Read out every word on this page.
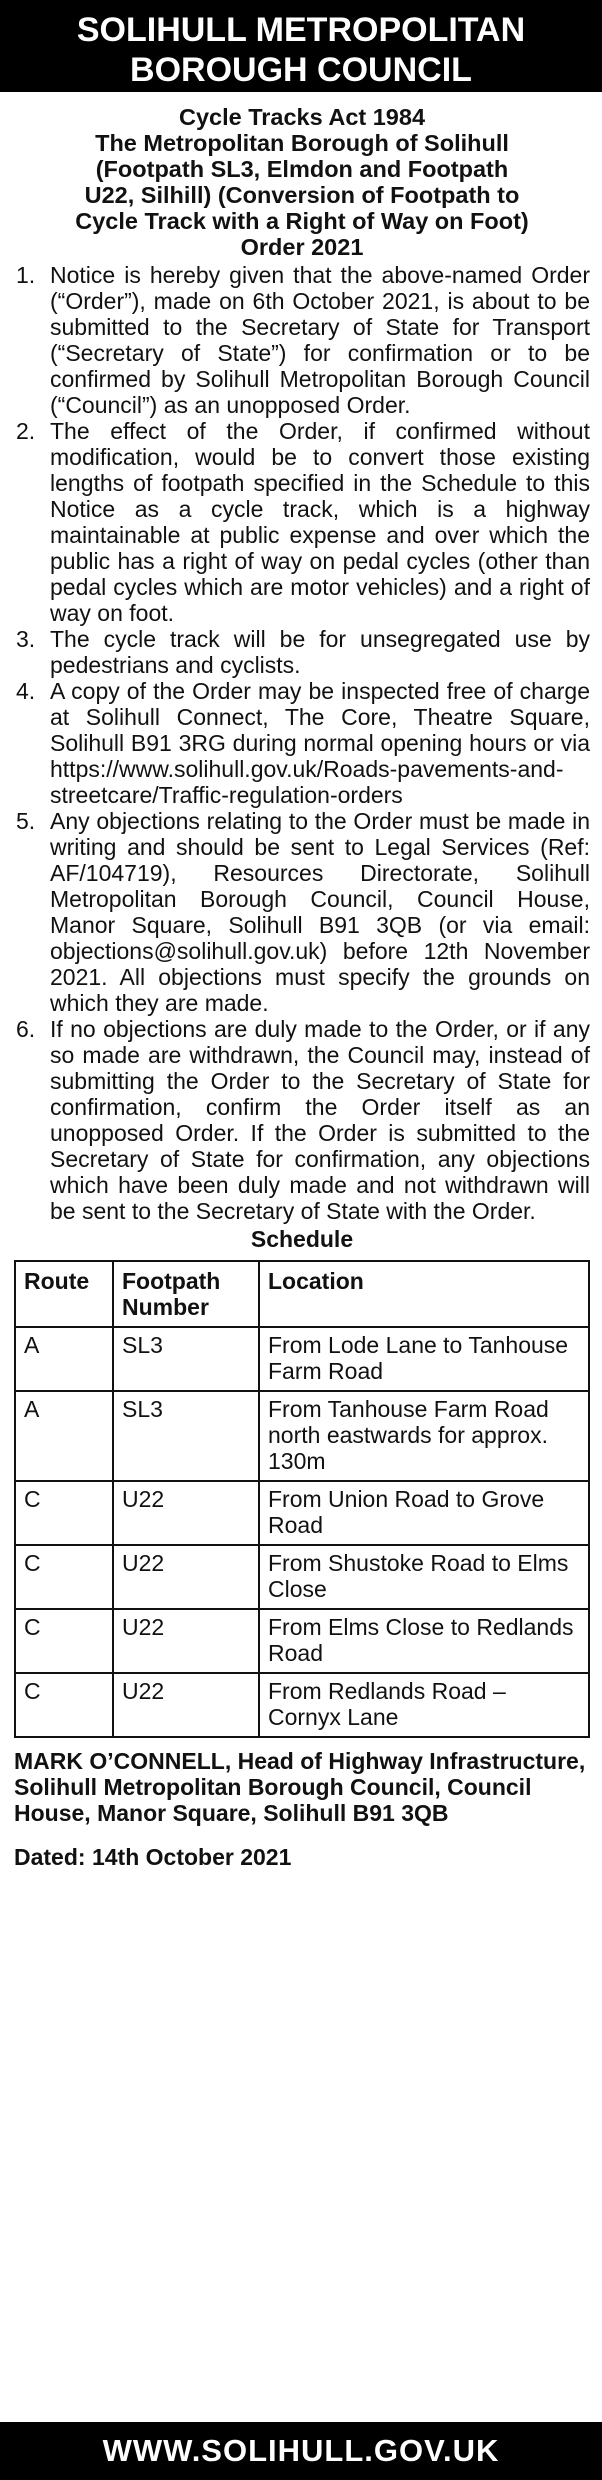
SOLIHULL METROPOLITAN
BOROUGH COUNCIL
Cycle Tracks Act 1984
The Metropolitan Borough of Solihull
(Footpath SL3, Elmdon and Footpath
U22, Silhill) (Conversion of Footpath to
Cycle Track with a Right of Way on Foot)
Order 2021
1. Notice is hereby given that the above-named Order (“Order”), made on 6th October 2021, is about to be submitted to the Secretary of State for Transport (“Secretary of State”) for confirmation or to be confirmed by Solihull Metropolitan Borough Council (“Council”) as an unopposed Order.
2. The effect of the Order, if confirmed without modification, would be to convert those existing lengths of footpath specified in the Schedule to this Notice as a cycle track, which is a highway maintainable at public expense and over which the public has a right of way on pedal cycles (other than pedal cycles which are motor vehicles) and a right of way on foot.
3. The cycle track will be for unsegregated use by pedestrians and cyclists.
4. A copy of the Order may be inspected free of charge at Solihull Connect, The Core, Theatre Square, Solihull B91 3RG during normal opening hours or via https://www.solihull.gov.uk/Roads-pavements-and-streetcare/Traffic-regulation-orders
5. Any objections relating to the Order must be made in writing and should be sent to Legal Services (Ref: AF/104719), Resources Directorate, Solihull Metropolitan Borough Council, Council House, Manor Square, Solihull B91 3QB (or via email: objections@solihull.gov.uk) before 12th November 2021. All objections must specify the grounds on which they are made.
6. If no objections are duly made to the Order, or if any so made are withdrawn, the Council may, instead of submitting the Order to the Secretary of State for confirmation, confirm the Order itself as an unopposed Order. If the Order is submitted to the Secretary of State for confirmation, any objections which have been duly made and not withdrawn will be sent to the Secretary of State with the Order.
Schedule
Route	Footpath Number	Location
A	SL3	From Lode Lane to Tanhouse Farm Road
A	SL3	From Tanhouse Farm Road north eastwards for approx. 130m
C	U22	From Union Road to Grove Road
C	U22	From Shustoke Road to Elms Close
C	U22	From Elms Close to Redlands Road
C	U22	From Redlands Road – Cornyx Lane
MARK O’CONNELL, Head of Highway Infrastructure, Solihull Metropolitan Borough Council, Council House, Manor Square, Solihull B91 3QB
Dated: 14th October 2021
WWW.SOLIHULL.GOV.UK
